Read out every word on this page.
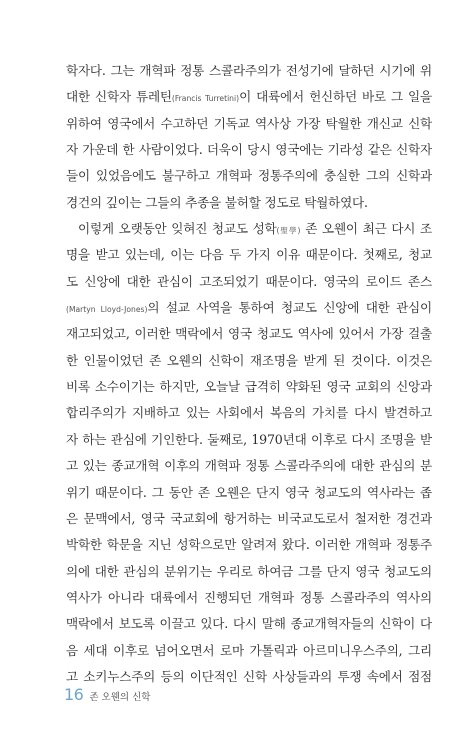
학자다. 그는 개혁파 정통 스콜라주의가 전성기에 달하던 시기에 위
대한 신학자 튜레틴(Francis Turretini)이 대륙에서 헌신하던 바로 그 일을
위하여 영국에서 수고하던 기독교 역사상 가장 탁월한 개신교 신학
자 가운데 한 사람이었다. 더욱이 당시 영국에는 기라성 같은 신학자
들이 있었음에도 불구하고 개혁파 정통주의에 충실한 그의 신학과
경건의 깊이는 그들의 추종을 불허할 정도로 탁월하였다.
이렇게 오랫동안 잊혀진 청교도 성학(聖學) 존 오웬이 최근 다시 조
명을 받고 있는데, 이는 다음 두 가지 이유 때문이다. 첫째로, 청교
도 신앙에 대한 관심이 고조되었기 때문이다. 영국의 로이드 존스
(Martyn Lloyd-Jones)의 설교 사역을 통하여 청교도 신앙에 대한 관심이
재고되었고, 이러한 맥락에서 영국 청교도 역사에 있어서 가장 걸출
한 인물이었던 존 오웬의 신학이 재조명을 받게 된 것이다. 이것은
비록 소수이기는 하지만, 오늘날 급격히 약화된 영국 교회의 신앙과
합리주의가 지배하고 있는 사회에서 복음의 가치를 다시 발견하고
자 하는 관심에 기인한다. 둘째로, 1970년대 이후로 다시 조명을 받
고 있는 종교개혁 이후의 개혁파 정통 스콜라주의에 대한 관심의 분
위기 때문이다. 그 동안 존 오웬은 단지 영국 청교도의 역사라는 좁
은 문맥에서, 영국 국교회에 항거하는 비국교도로서 철저한 경건과
박학한 학문을 지닌 성학으로만 알려져 왔다. 이러한 개혁파 정통주
의에 대한 관심의 분위기는 우리로 하여금 그를 단지 영국 청교도의
역사가 아니라 대륙에서 진행되던 개혁파 정통 스콜라주의 역사의
맥락에서 보도록 이끌고 있다. 다시 말해 종교개혁자들의 신학이 다
음 세대 이후로 넘어오면서 로마 가톨릭과 아르미니우스주의, 그리
고 소키누스주의 등의 이단적인 신학 사상들과의 투쟁 속에서 점점
16 존 오웬의 신학
